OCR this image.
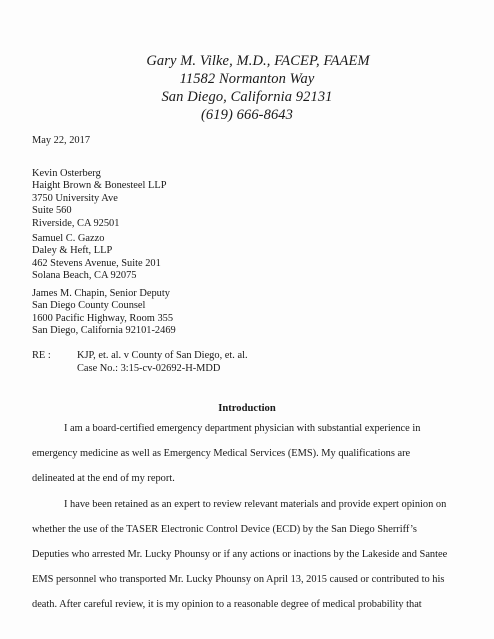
Gary M. Vilke, M.D., FACEP, FAAEM
11582 Normanton Way
San Diego, California 92131
(619) 666-8643
May 22, 2017
Kevin Osterberg
Haight Brown & Bonesteel LLP
3750 University Ave
Suite 560
Riverside, CA 92501
Samuel C. Gazzo
Daley & Heft, LLP
462 Stevens Avenue, Suite 201
Solana Beach, CA 92075
James M. Chapin, Senior Deputy
San Diego County Counsel
1600 Pacific Highway, Room 355
San Diego, California 92101-2469
RE :	KJP, et. al. v County of San Diego, et. al.
Case No.: 3:15-cv-02692-H-MDD
Introduction
I am a board-certified emergency department physician with substantial experience in
emergency medicine as well as Emergency Medical Services (EMS). My qualifications are
delineated at the end of my report.
I have been retained as an expert to review relevant materials and provide expert opinion on
whether the use of the TASER Electronic Control Device (ECD) by the San Diego Sherriff’s
Deputies who arrested Mr. Lucky Phounsy or if any actions or inactions by the Lakeside and Santee
EMS personnel who transported Mr. Lucky Phounsy on April 13, 2015 caused or contributed to his
death. After careful review, it is my opinion to a reasonable degree of medical probability that
